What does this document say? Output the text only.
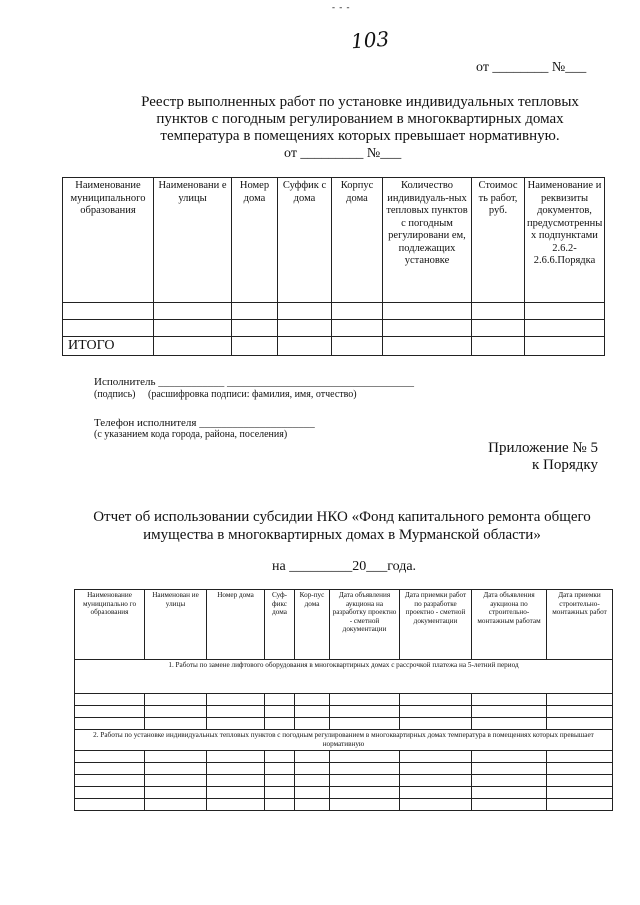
- - -
103
от ________ №___
Реестр выполненных работ по установке индивидуальных тепловых пунктов с погодным регулированием в многоквартирных домах температура в помещениях которых превышает нормативную.
от _________ №___
Наименование муниципального образования	Наименовани е улицы	Номер дома	Суффик с дома	Корпус дома	Количество индивидуаль-ных тепловых пунктов с погодным регулировани ем, подлежащих установке	Стоимос ть работ, руб.	Наименование и реквизиты документов, предусмотренны х подпунктами 2.6.2-2.6.6.Порядка

ИТОГО							
Исполнитель ____________ __________________________________
(подпись)     (расшифровка подписи: фамилия, имя, отчество)
Телефон исполнителя _____________________
(с указанием кода города, района, поселения)
Приложение № 5
к Порядку
Отчет об использовании субсидии НКО «Фонд капитального ремонта общего имущества в многоквартирных домах в Мурманской области»
на _________20___года.
Наименование муниципально го образования	Наименован ие улицы	Номер дома	Суф-фикс дома	Кор-пус дома	Дата объявления аукциона на разработку проектно - сметной документации	Дата приемки работ по разработке проектно - сметной документации	Дата объявления аукциона по строительно-монтажным работам	Дата приемки строительно-монтажных работ
1. Работы по замене лифтового оборудования в многоквартирных домах с рассрочкой платежа на 5-летний период								

2. Работы по установке индивидуальных тепловых пунктов с погодным регулированием в многоквартирных домах температура в помещениях которых превышает нормативную								
